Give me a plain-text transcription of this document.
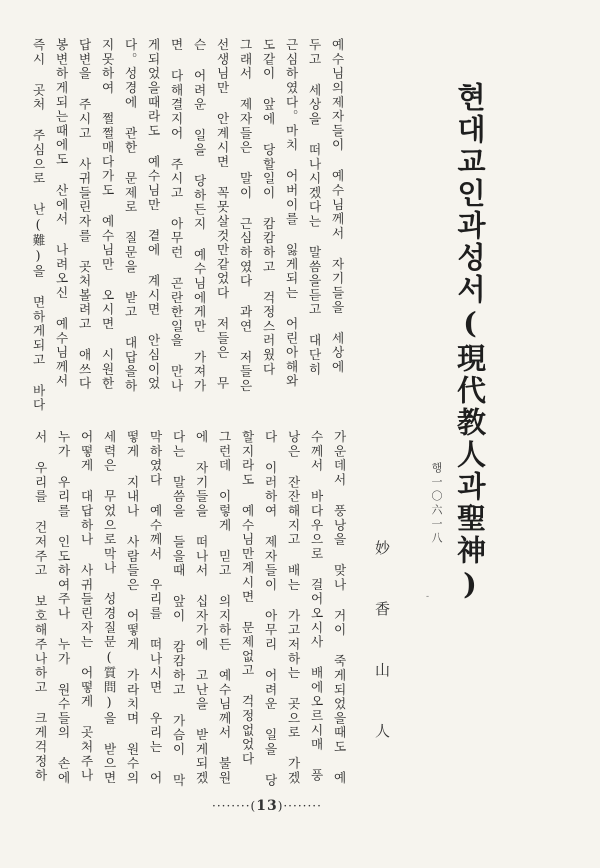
예수님의제자들이 예수님께서 자기들을 세상에
두고 세상을 떠나시겠다는 말씀을듣고 대단히
근심하였다。마치 어버이를 잃게되는 어린아해와
도같이 앞에 당할일이 캄캄하고 걱정스러웠다
그래서 제자들은 말이 근심하였다 과연 저들은
선생님만 안계시면 꼭못살것만같었다 저들은 무
슨 어려운 일을 당하든지 예수님에게만 가져가
면 다해결지어 주시고 아무런 곤란한일을 만나
게되었을때라도 예수님만 곁에 계시면 안심이었
다。성경에 관한 문제로 질문을 받고 대답을하
지못하여 쩔쩔매다가도 예수님만 오시면 시원한
답변을 주시고 사귀들린자를 곳처볼려고 애쓰다
봉변하게되는때에도 산에서 나려오신 예수님께서
즉시 곳처 주심으로 난(難)을 면하게되고 바다	현대교인과성서(現代教人과聖神)
행一〇六一八
-
妙 香 山 人
가운데서 풍낭을 맞나 거이 죽게되었을때도 예
수께서 바다우으로 걸어오시사 배에오르시매 풍
낭은 잔잔해지고 배는 가고저하는 곳으로 가겠
다 이러하여 제자들이 아무리 어려운 일을 당
할지라도 예수님만계시면 문제없고 걱정없었다
그런데 이렇게 믿고 의지하든 예수님께서 불원
에 자기들을 떠나서 십자가에 고난을 받게되겠
다는 말씀을 들을때 앞이 캄캄하고 가슴이 막
막하였다 예수께서 우리를 떠나시면 우리는 어
떻게 지내나 사람들은 어떻게 가라치며 원수의
세력은 무었으로막나 성경질문(質問)을 받으면
어떻게 대답하나 사귀들린자는 어떻게 곳처주나
누가 우리를 인도하여주나 누가 원수들의 손에
서 우리를 건저주고 보호해주나하고 크게걱정하
········(13)········
